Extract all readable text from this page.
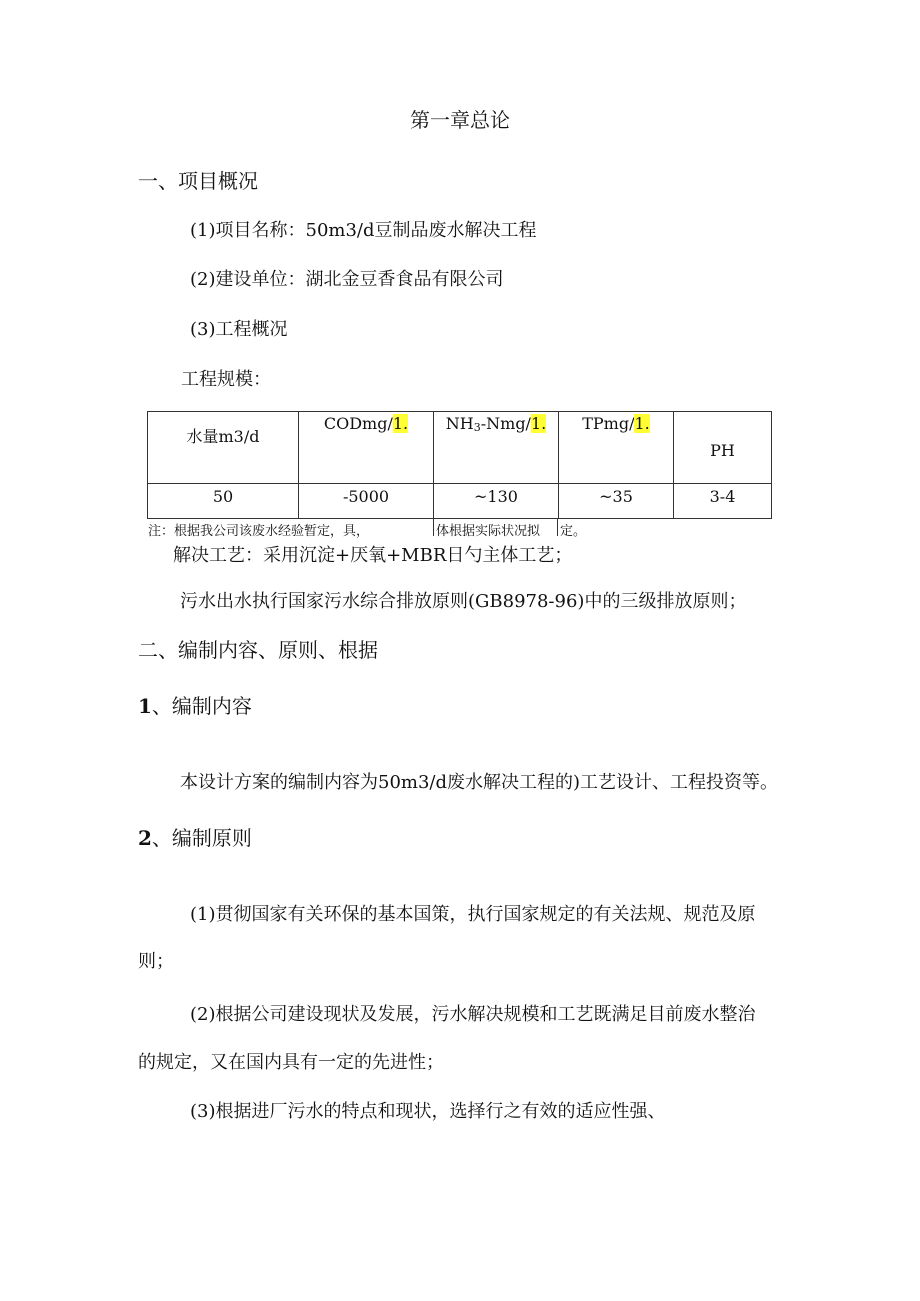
第一章总论
一、项目概况
(1)项目名称：50m3/d豆制品废水解决工程
(2)建设单位：湖北金豆香食品有限公司
(3)工程概况
工程规模：
水量m3/d	CODmg/1.	$NH_3-Nmg/1$.	TPmg/1.	PH

50	-5000	~130	~35	3-4
注：根据我公司该废水经验暂定，具，	体根据实际状况拟 定。
解决工艺：采用沉淀+厌氧+MBR日勺主体工艺；
污水出水执行国家污水综合排放原则(GB8978-96)中的三级排放原则；
二、编制内容、原则、根据
1、编制内容
本设计方案的编制内容为50m3/d废水解决工程的)工艺设计、工程投资等。
2、编制原则
(1)贯彻国家有关环保的基本国策，执行国家规定的有关法规、规范及原
则；
(2)根据公司建设现状及发展，污水解决规模和工艺既满足目前废水整治
的规定，又在国内具有一定的先进性；
(3)根据进厂污水的特点和现状，选择行之有效的适应性强、
